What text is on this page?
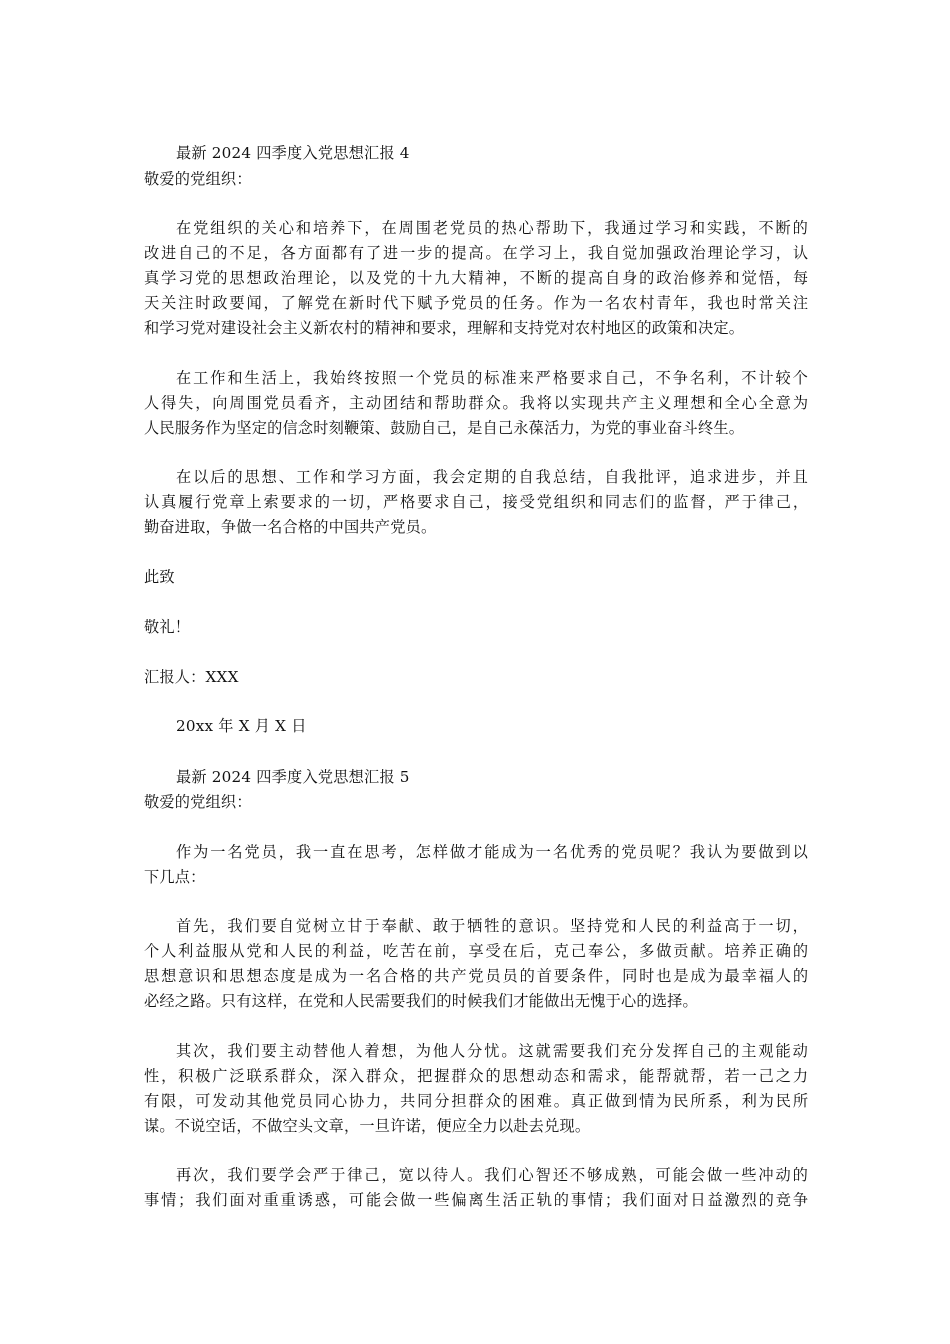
最新 2024 四季度入党思想汇报 4
敬爱的党组织：
在党组织的关心和培养下，在周围老党员的热心帮助下，我通过学习和实践，不断的
改进自己的不足，各方面都有了进一步的提高。在学习上，我自觉加强政治理论学习，认
真学习党的思想政治理论，以及党的十九大精神，不断的提高自身的政治修养和觉悟，每
天关注时政要闻，了解党在新时代下赋予党员的任务。作为一名农村青年，我也时常关注
和学习党对建设社会主义新农村的精神和要求，理解和支持党对农村地区的政策和决定。
在工作和生活上，我始终按照一个党员的标准来严格要求自己，不争名利，不计较个
人得失，向周围党员看齐，主动团结和帮助群众。我将以实现共产主义理想和全心全意为
人民服务作为坚定的信念时刻鞭策、鼓励自己，是自己永葆活力，为党的事业奋斗终生。
在以后的思想、工作和学习方面，我会定期的自我总结，自我批评，追求进步，并且
认真履行党章上索要求的一切，严格要求自己，接受党组织和同志们的监督，严于律己，
勤奋进取，争做一名合格的中国共产党员。
此致
敬礼！
汇报人：XXX
20xx 年 X 月 X 日
最新 2024 四季度入党思想汇报 5
敬爱的党组织：
作为一名党员，我一直在思考，怎样做才能成为一名优秀的党员呢？我认为要做到以
下几点：
首先，我们要自觉树立甘于奉献、敢于牺牲的意识。坚持党和人民的利益高于一切，
个人利益服从党和人民的利益，吃苦在前，享受在后，克己奉公，多做贡献。培养正确的
思想意识和思想态度是成为一名合格的共产党员员的首要条件，同时也是成为最幸福人的
必经之路。只有这样，在党和人民需要我们的时候我们才能做出无愧于心的选择。
其次，我们要主动替他人着想，为他人分忧。这就需要我们充分发挥自己的主观能动
性，积极广泛联系群众，深入群众，把握群众的思想动态和需求，能帮就帮，若一己之力
有限，可发动其他党员同心协力，共同分担群众的困难。真正做到情为民所系，利为民所
谋。不说空话，不做空头文章，一旦许诺，便应全力以赴去兑现。
再次，我们要学会严于律己，宽以待人。我们心智还不够成熟，可能会做一些冲动的
事情；我们面对重重诱惑，可能会做一些偏离生活正轨的事情；我们面对日益激烈的竞争
